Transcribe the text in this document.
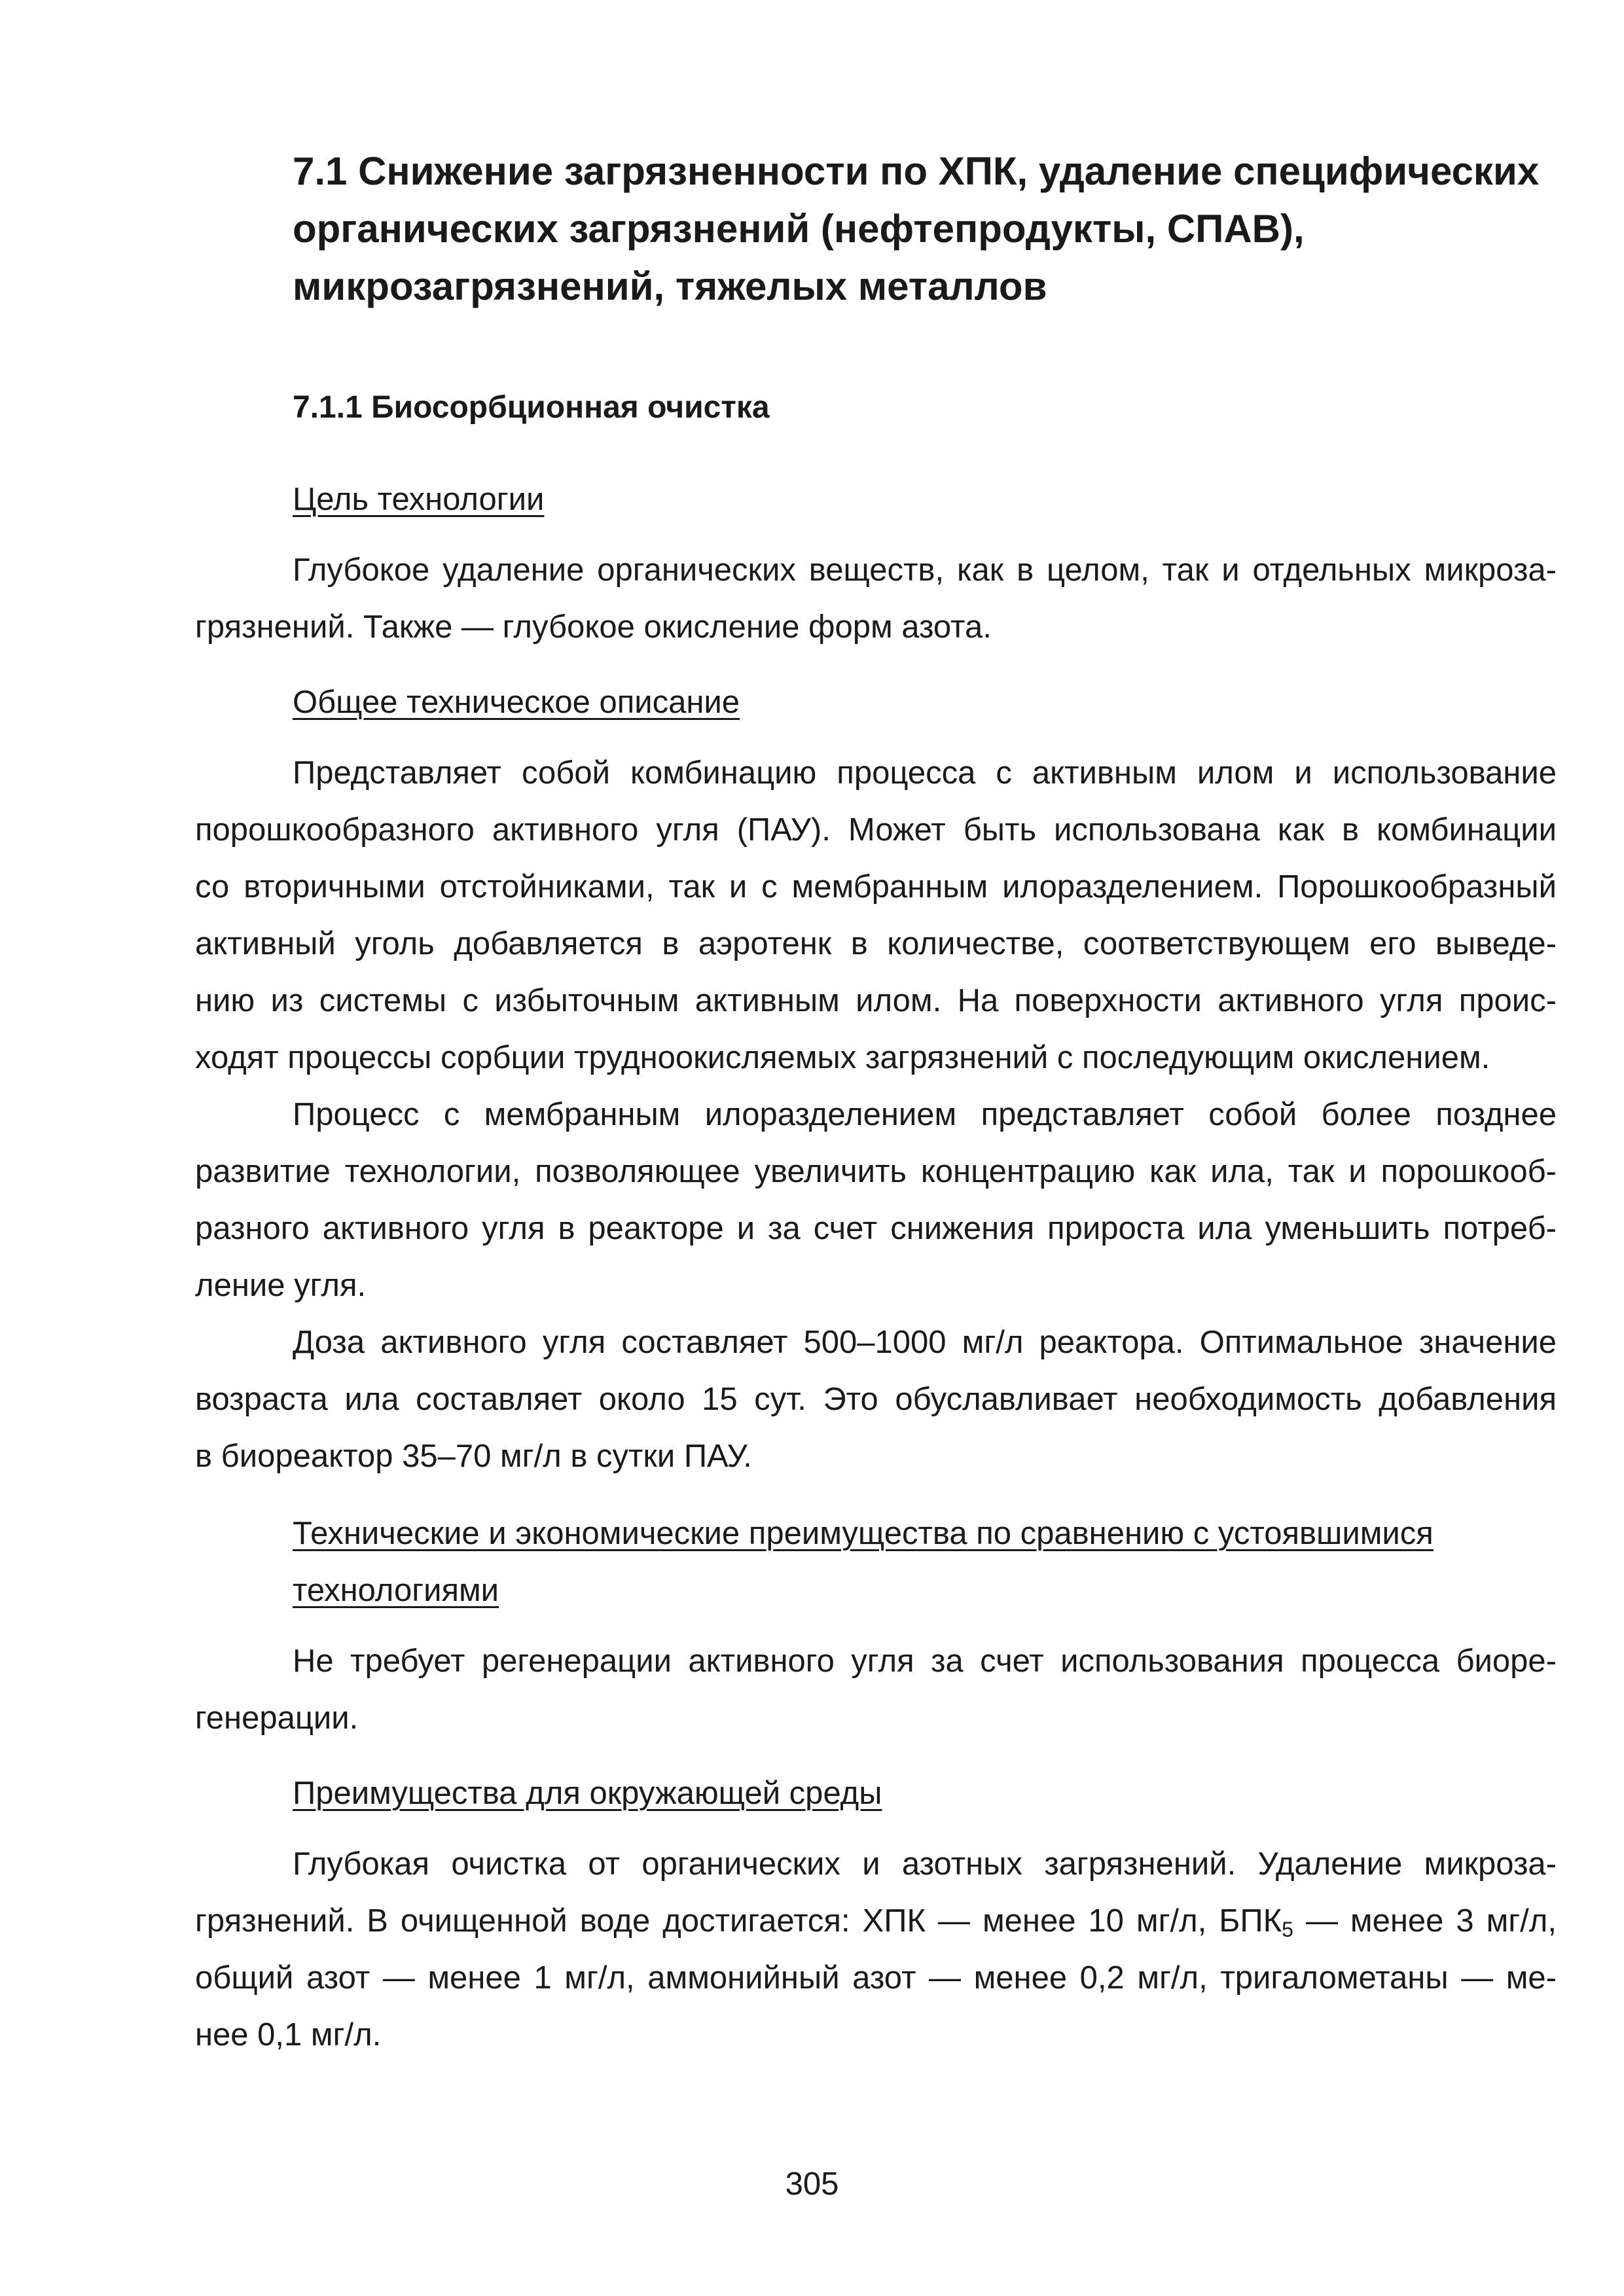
7.1 Снижение загрязненности по ХПК, удаление специфических
органических загрязнений (нефтепродукты, СПАВ),
микрозагрязнений, тяжелых металлов
7.1.1 Биосорбционная очистка
Цель технологии
Глубокое удаление органических веществ, как в целом, так и отдельных микроза-
грязнений. Также — глубокое окисление форм азота.
Общее техническое описание
Представляет собой комбинацию процесса с активным илом и использование
порошкообразного активного угля (ПАУ). Может быть использована как в комбинации
со вторичными отстойниками, так и с мембранным илоразделением. Порошкообразный
активный уголь добавляется в аэротенк в количестве, соответствующем его выведе-
нию из системы с избыточным активным илом. На поверхности активного угля проис-
ходят процессы сорбции трудноокисляемых загрязнений с последующим окислением.
Процесс с мембранным илоразделением представляет собой более позднее
развитие технологии, позволяющее увеличить концентрацию как ила, так и порошкооб-
разного активного угля в реакторе и за счет снижения прироста ила уменьшить потреб-
ление угля.
Доза активного угля составляет 500–1000 мг/л реактора. Оптимальное значение
возраста ила составляет около 15 сут. Это обуславливает необходимость добавления
в биореактор 35–70 мг/л в сутки ПАУ.
Технические и экономические преимущества по сравнению с устоявшимися
технологиями
Не требует регенерации активного угля за счет использования процесса биоре-
генерации.
Преимущества для окружающей среды
Глубокая очистка от органических и азотных загрязнений. Удаление микроза-
грязнений. В очищенной воде достигается: ХПК — менее 10 мг/л, $БПК_5$ — менее 3 мг/л,
общий азот — менее 1 мг/л, аммонийный азот — менее 0,2 мг/л, тригалометаны — ме-
нее 0,1 мг/л.
305
